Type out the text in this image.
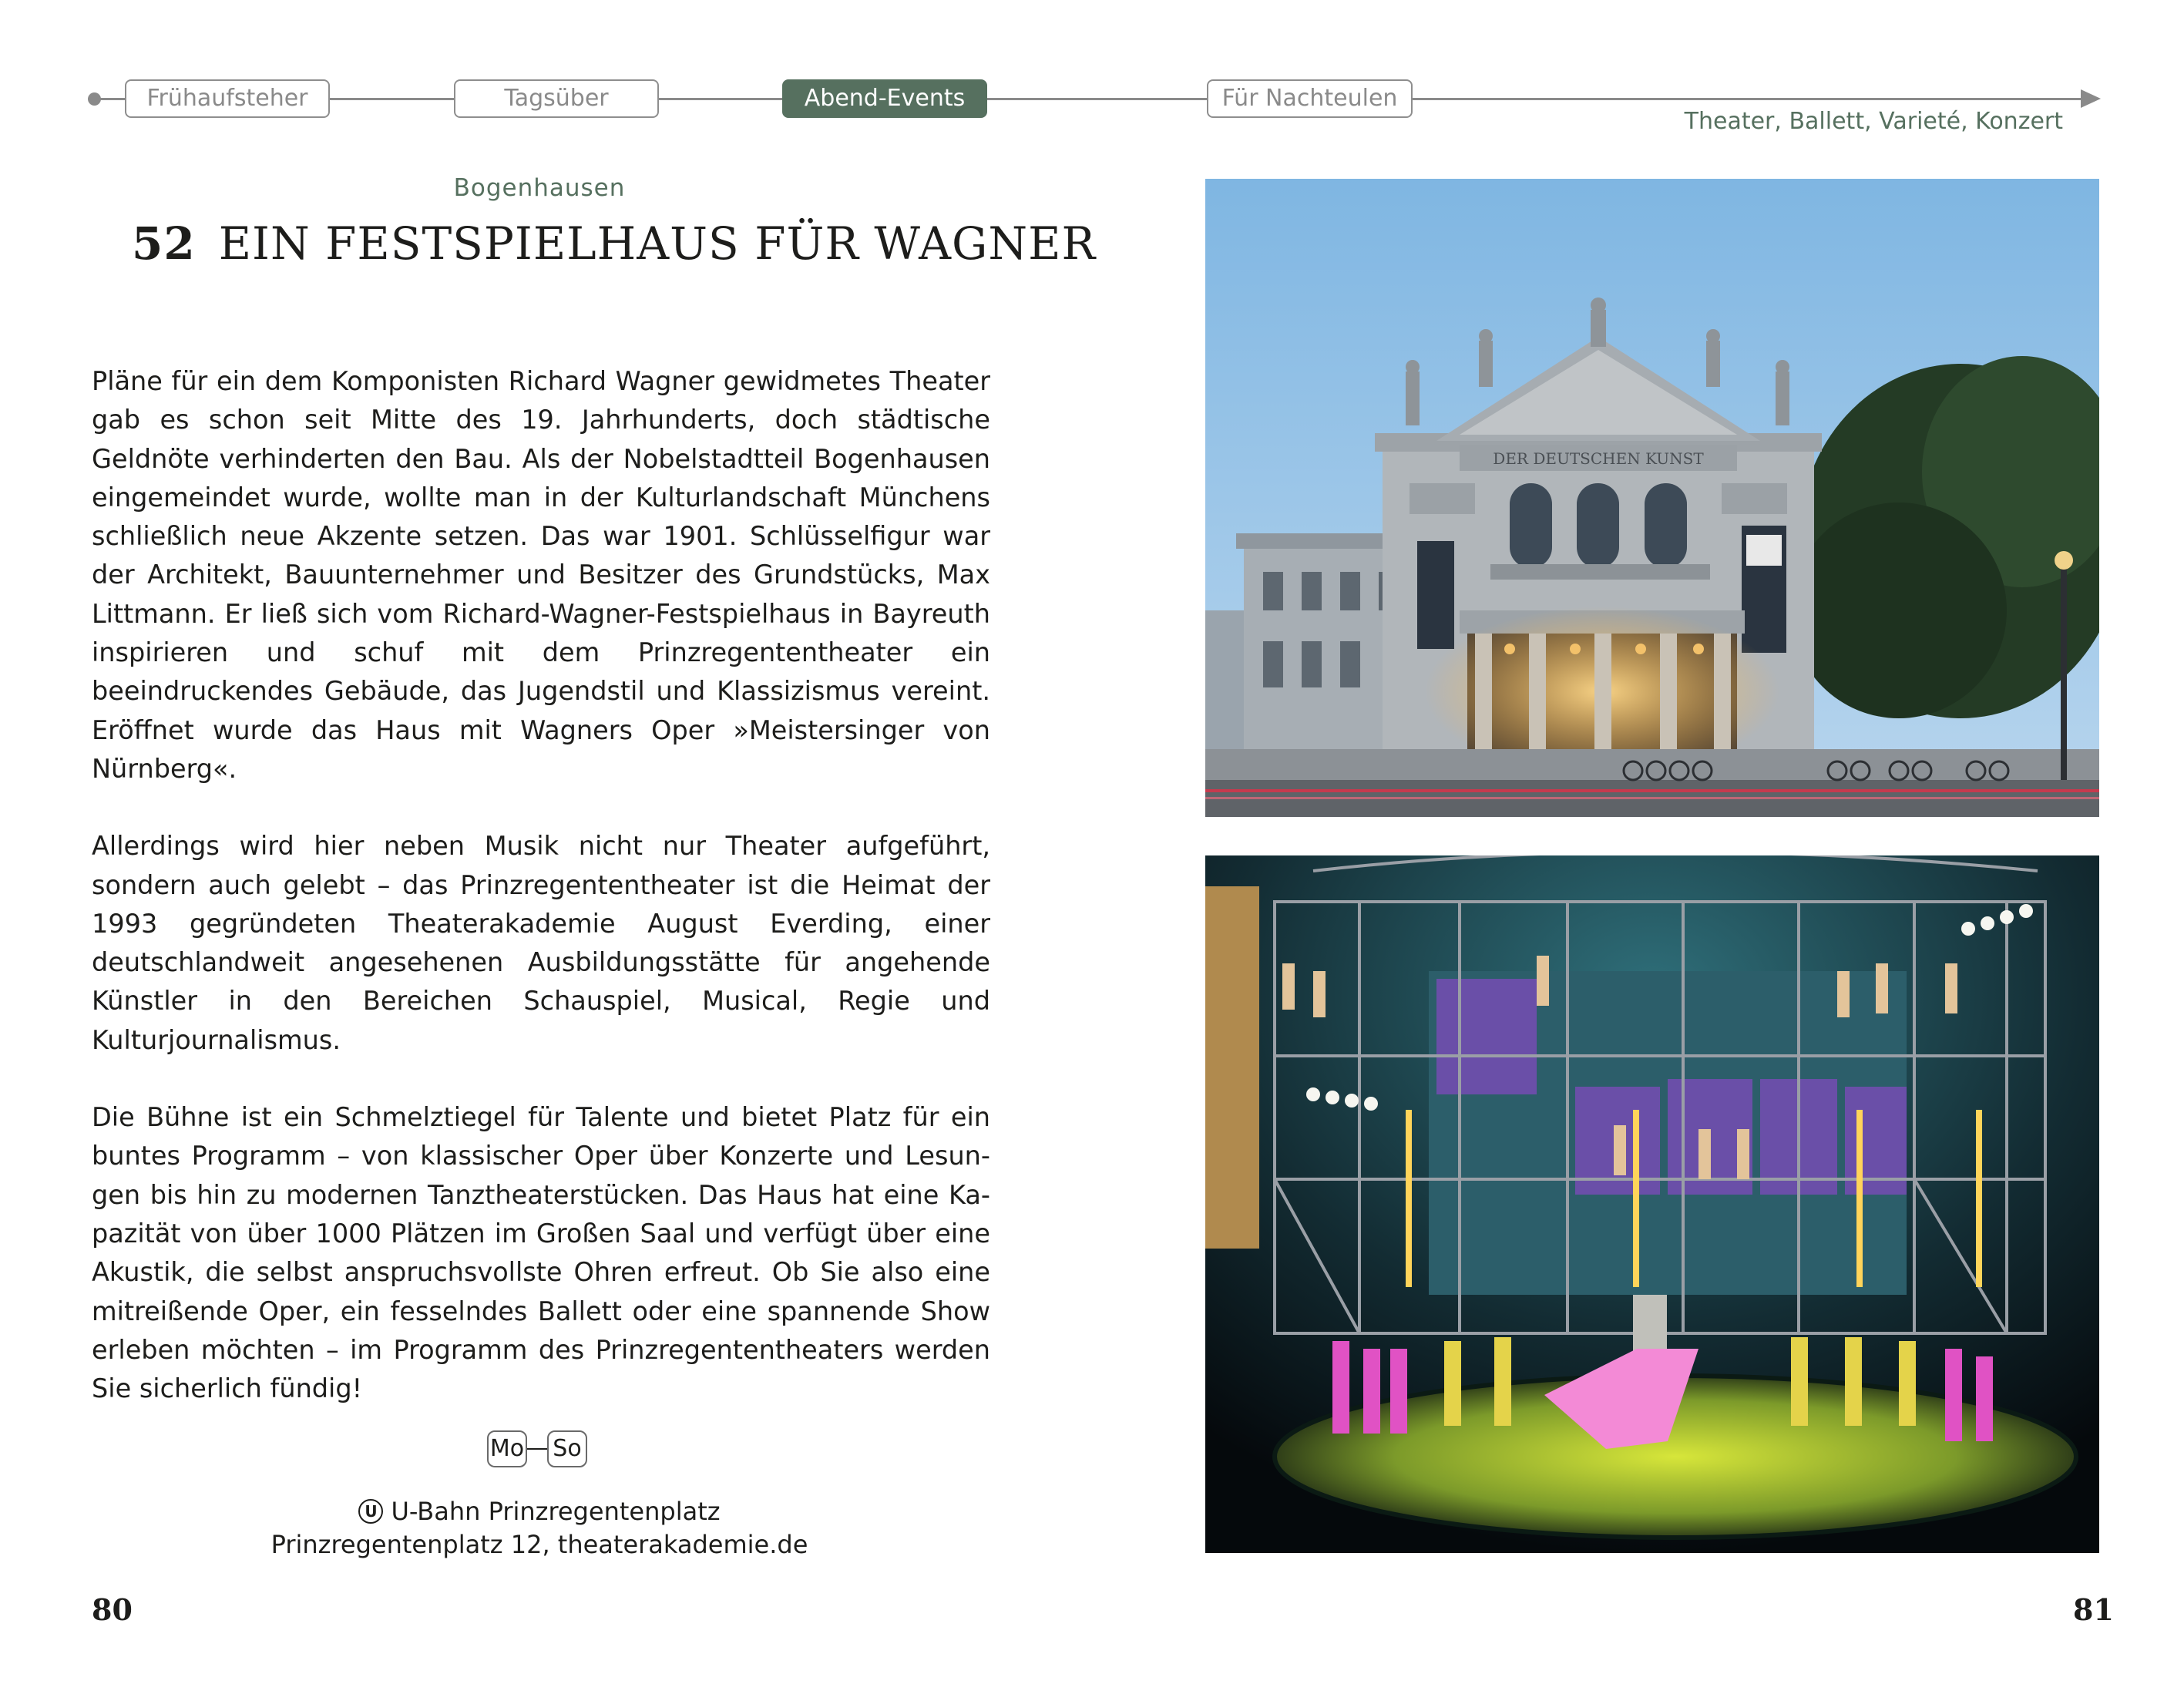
Frühaufsteher	Tagsüber	Abend-Events	Für Nachteulen
Theater, Ballett, Varieté, Konzert
Bogenhausen
52 EIN FESTSPIELHAUS FÜR WAGNER

Pläne für ein dem Komponisten Richard Wagner gewidmetes Theater gab es schon seit Mitte des 19. Jahrhunderts, doch städtische Geldnöte verhinderten den Bau. Als der Nobelstadtteil Bogenhausen eingemeindet wurde, wollte man in der Kulturlandschaft Münchens schließlich neue Akzente setzen. Das war 1901. Schlüsselfigur war der Architekt, Bauunternehmer und Besitzer des Grundstücks, Max Littmann. Er ließ sich vom Richard-Wagner-Festspielhaus in Bayreuth inspirieren und schuf mit dem Prinzregententheater ein beeindruckendes Gebäude, das Jugendstil und Klassizismus vereint. Eröffnet wurde das Haus mit Wagners Oper »Meistersinger von Nürnberg«.

Allerdings wird hier neben Musik nicht nur Theater aufgeführt, sondern auch gelebt – das Prinzregententheater ist die Heimat der 1993 gegründeten Theaterakademie August Everding, einer deutschlandweit angesehenen Ausbildungsstätte für angehende Künstler in den Bereichen Schauspiel, Musical, Regie und Kulturjournalismus.

Die Bühne ist ein Schmelztiegel für Talente und bietet Platz für ein buntes Programm – von klassischer Oper über Konzerte und Lesungen bis hin zu modernen Tanztheaterstücken. Das Haus hat eine Kapazität von über 1000 Plätzen im Großen Saal und verfügt über eine Akustik, die selbst anspruchsvollste Ohren erfreut. Ob Sie also eine mitreißende Oper, ein fesselndes Ballett oder eine spannende Show erleben möchten – im Programm des Prinzregententheaters werden Sie sicherlich fündig!

Mo So
U U-Bahn Prinzregentenplatz
Prinzregentenplatz 12, theaterakademie.de
80	81
DER DEUTSCHEN KUNST
